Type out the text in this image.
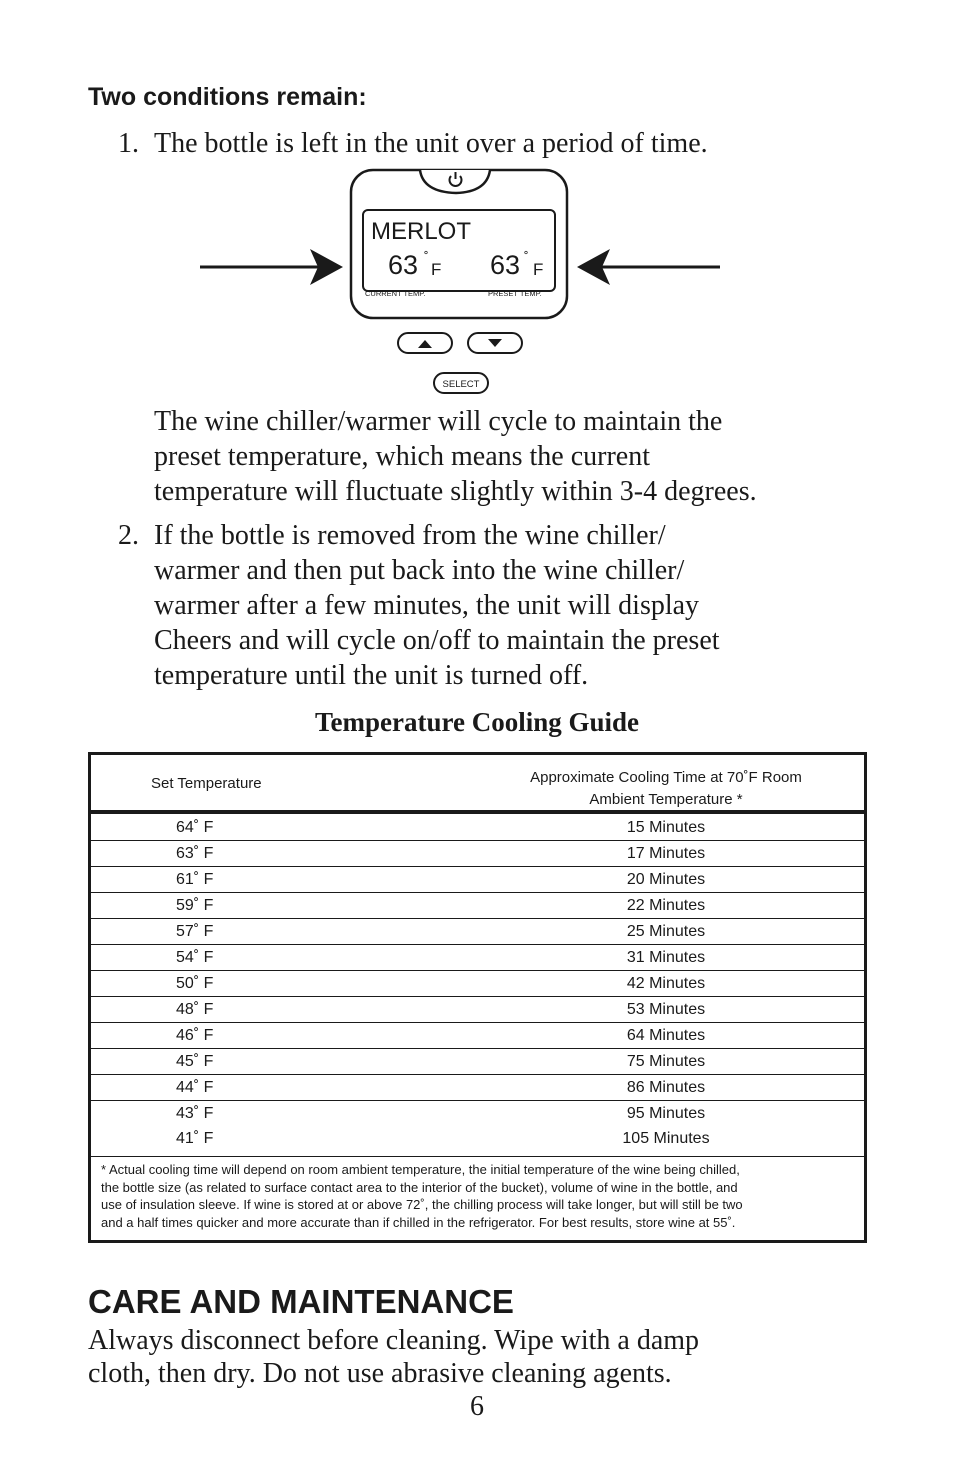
Two conditions remain:
1. The bottle is left in the unit over a period of time.
MERLOT
63 ˚
F 63 ˚
F
CURRENT TEMP.	PRESET TEMP.
SELECT
The wine chiller/warmer will cycle to maintain the
preset temperature, which means the current
temperature will fluctuate slightly within 3-4 degrees.
2. If the bottle is removed from the wine chiller/
warmer and then put back into the wine chiller/
warmer after a few minutes, the unit will display
Cheers and will cycle on/off to maintain the preset
temperature until the unit is turned off.
Temperature Cooling Guide
Set Temperature	Approximate Cooling Time at 70˚F Room
Ambient Temperature *
64˚ F	15 Minutes
63˚ F	17 Minutes
61˚ F	20 Minutes
59˚ F	22 Minutes
57˚ F	25 Minutes
54˚ F	31 Minutes
50˚ F	42 Minutes
48˚ F	53 Minutes
46˚ F	64 Minutes
45˚ F	75 Minutes
44˚ F	86 Minutes
43˚ F	95 Minutes
41˚ F	105 Minutes
* Actual cooling time will depend on room ambient temperature, the initial temperature of the wine being chilled,
the bottle size (as related to surface contact area to the interior of the bucket), volume of wine in the bottle, and
use of insulation sleeve. If wine is stored at or above 72˚, the chilling process will take longer, but will still be two
and a half times quicker and more accurate than if chilled in the refrigerator. For best results, store wine at 55˚.
CARE AND MAINTENANCE
Always disconnect before cleaning. Wipe with a damp
cloth, then dry. Do not use abrasive cleaning agents.
6
